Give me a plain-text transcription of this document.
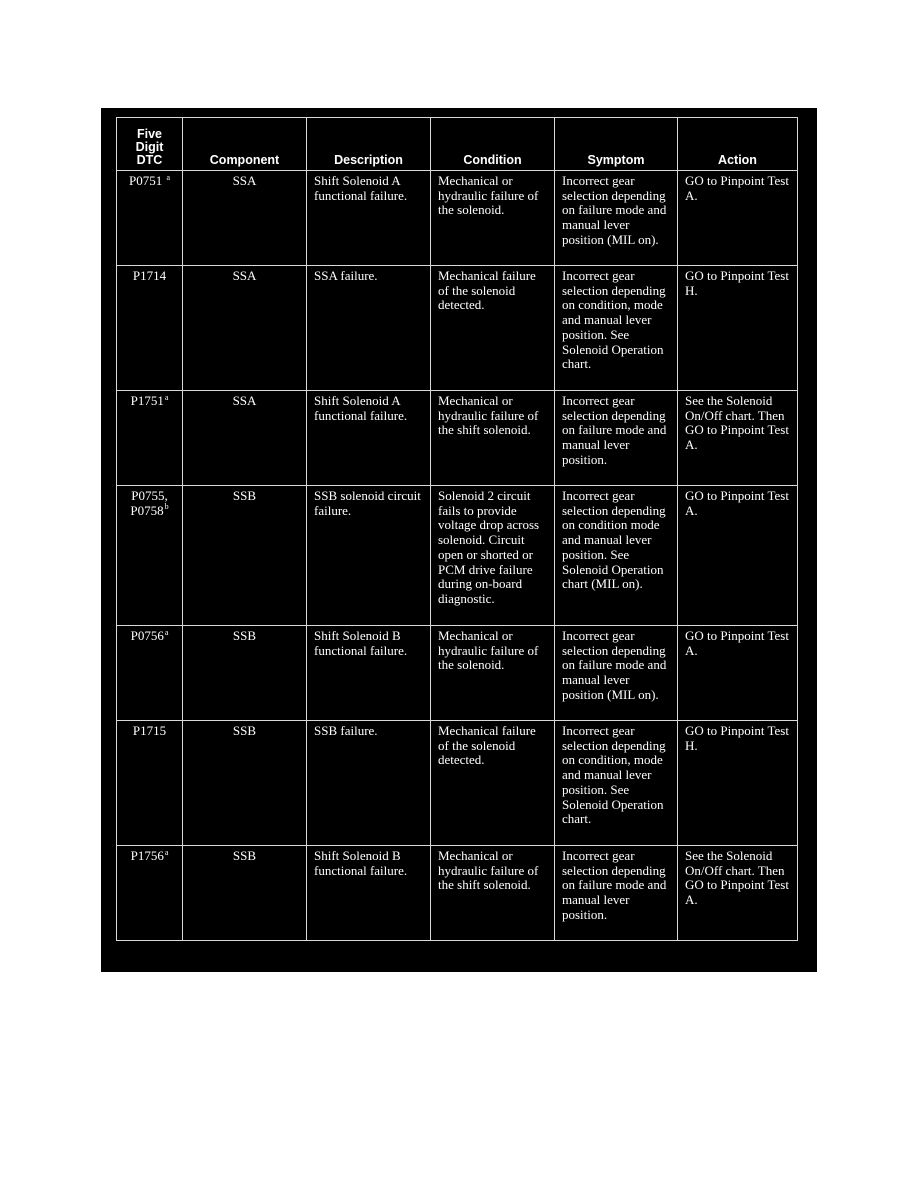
Five
Digit
DTC	Component	Description	Condition	Symptom	Action
P0751 $^a$	SSA	Shift Solenoid A functional failure.	Mechanical or hydraulic failure of the solenoid.	Incorrect gear selection depending on failure mode and manual lever position (MIL on).	GO to Pinpoint Test A.
P1714	SSA	SSA failure.	Mechanical failure of the solenoid detected.	Incorrect gear selection depending on condition, mode and manual lever position. See Solenoid Operation chart.	GO to Pinpoint Test H.
P1751$^a$	SSA	Shift Solenoid A functional failure.	Mechanical or hydraulic failure of the shift solenoid.	Incorrect gear selection depending on failure mode and manual lever position.	See the Solenoid On/Off chart. Then GO to Pinpoint Test A.
P0755,
P0758$^b$	SSB	SSB solenoid circuit failure.	Solenoid 2 circuit fails to provide voltage drop across solenoid. Circuit open or shorted or PCM drive failure during on-board diagnostic.	Incorrect gear selection depending on condition mode and manual lever position. See Solenoid Operation chart (MIL on).	GO to Pinpoint Test A.
P0756$^a$	SSB	Shift Solenoid B functional failure.	Mechanical or hydraulic failure of the solenoid.	Incorrect gear selection depending on failure mode and manual lever position (MIL on).	GO to Pinpoint Test A.
P1715	SSB	SSB failure.	Mechanical failure of the solenoid detected.	Incorrect gear selection depending on condition, mode and manual lever position. See Solenoid Operation chart.	GO to Pinpoint Test H.
P1756$^a$	SSB	Shift Solenoid B functional failure.	Mechanical or hydraulic failure of the shift solenoid.	Incorrect gear selection depending on failure mode and manual lever position.	See the Solenoid On/Off chart. Then GO to Pinpoint Test A.
